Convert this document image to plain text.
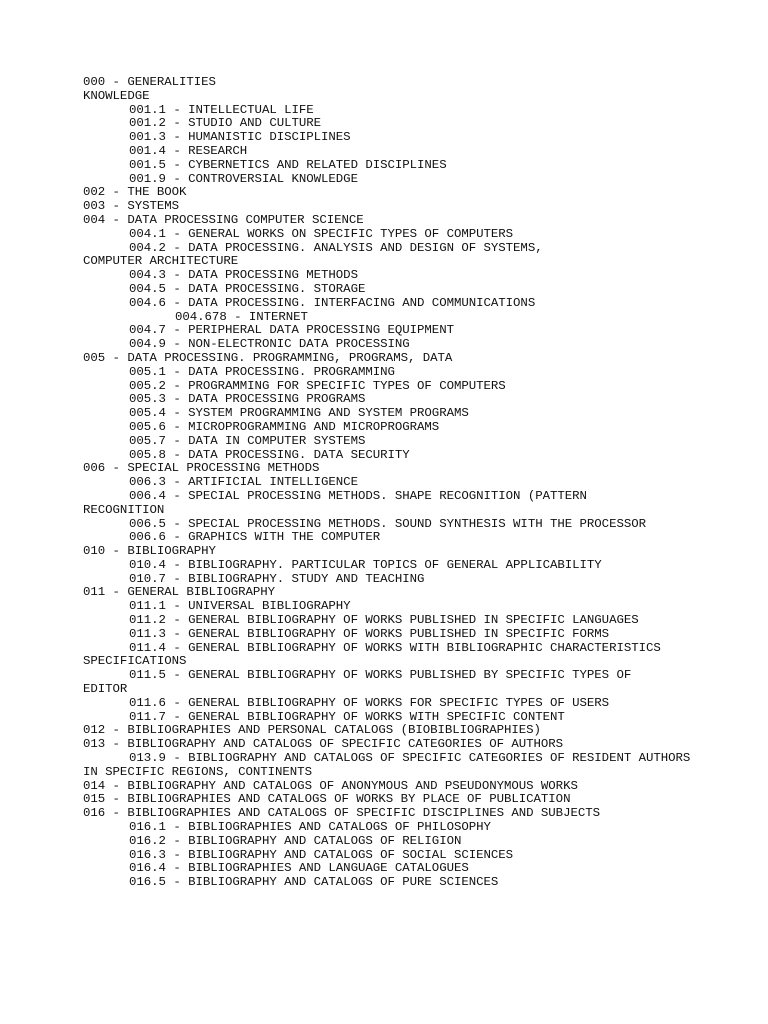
000 - GENERALITIES
KNOWLEDGE
001.1 - INTELLECTUAL LIFE
001.2 - STUDIO AND CULTURE
001.3 - HUMANISTIC DISCIPLINES
001.4 - RESEARCH
001.5 - CYBERNETICS AND RELATED DISCIPLINES
001.9 - CONTROVERSIAL KNOWLEDGE
002 - THE BOOK
003 - SYSTEMS
004 - DATA PROCESSING COMPUTER SCIENCE
004.1 - GENERAL WORKS ON SPECIFIC TYPES OF COMPUTERS
004.2 - DATA PROCESSING. ANALYSIS AND DESIGN OF SYSTEMS,
COMPUTER ARCHITECTURE
004.3 - DATA PROCESSING METHODS
004.5 - DATA PROCESSING. STORAGE
004.6 - DATA PROCESSING. INTERFACING AND COMMUNICATIONS
004.678 - INTERNET
004.7 - PERIPHERAL DATA PROCESSING EQUIPMENT
004.9 - NON-ELECTRONIC DATA PROCESSING
005 - DATA PROCESSING. PROGRAMMING, PROGRAMS, DATA
005.1 - DATA PROCESSING. PROGRAMMING
005.2 - PROGRAMMING FOR SPECIFIC TYPES OF COMPUTERS
005.3 - DATA PROCESSING PROGRAMS
005.4 - SYSTEM PROGRAMMING AND SYSTEM PROGRAMS
005.6 - MICROPROGRAMMING AND MICROPROGRAMS
005.7 - DATA IN COMPUTER SYSTEMS
005.8 - DATA PROCESSING. DATA SECURITY
006 - SPECIAL PROCESSING METHODS
006.3 - ARTIFICIAL INTELLIGENCE
006.4 - SPECIAL PROCESSING METHODS. SHAPE RECOGNITION (PATTERN
RECOGNITION
006.5 - SPECIAL PROCESSING METHODS. SOUND SYNTHESIS WITH THE PROCESSOR
006.6 - GRAPHICS WITH THE COMPUTER
010 - BIBLIOGRAPHY
010.4 - BIBLIOGRAPHY. PARTICULAR TOPICS OF GENERAL APPLICABILITY
010.7 - BIBLIOGRAPHY. STUDY AND TEACHING
011 - GENERAL BIBLIOGRAPHY
011.1 - UNIVERSAL BIBLIOGRAPHY
011.2 - GENERAL BIBLIOGRAPHY OF WORKS PUBLISHED IN SPECIFIC LANGUAGES
011.3 - GENERAL BIBLIOGRAPHY OF WORKS PUBLISHED IN SPECIFIC FORMS
011.4 - GENERAL BIBLIOGRAPHY OF WORKS WITH BIBLIOGRAPHIC CHARACTERISTICS
SPECIFICATIONS
011.5 - GENERAL BIBLIOGRAPHY OF WORKS PUBLISHED BY SPECIFIC TYPES OF
EDITOR
011.6 - GENERAL BIBLIOGRAPHY OF WORKS FOR SPECIFIC TYPES OF USERS
011.7 - GENERAL BIBLIOGRAPHY OF WORKS WITH SPECIFIC CONTENT
012 - BIBLIOGRAPHIES AND PERSONAL CATALOGS (BIOBIBLIOGRAPHIES)
013 - BIBLIOGRAPHY AND CATALOGS OF SPECIFIC CATEGORIES OF AUTHORS
013.9 - BIBLIOGRAPHY AND CATALOGS OF SPECIFIC CATEGORIES OF RESIDENT AUTHORS
IN SPECIFIC REGIONS, CONTINENTS
014 - BIBLIOGRAPHY AND CATALOGS OF ANONYMOUS AND PSEUDONYMOUS WORKS
015 - BIBLIOGRAPHIES AND CATALOGS OF WORKS BY PLACE OF PUBLICATION
016 - BIBLIOGRAPHIES AND CATALOGS OF SPECIFIC DISCIPLINES AND SUBJECTS
016.1 - BIBLIOGRAPHIES AND CATALOGS OF PHILOSOPHY
016.2 - BIBLIOGRAPHY AND CATALOGS OF RELIGION
016.3 - BIBLIOGRAPHY AND CATALOGS OF SOCIAL SCIENCES
016.4 - BIBLIOGRAPHIES AND LANGUAGE CATALOGUES
016.5 - BIBLIOGRAPHY AND CATALOGS OF PURE SCIENCES
